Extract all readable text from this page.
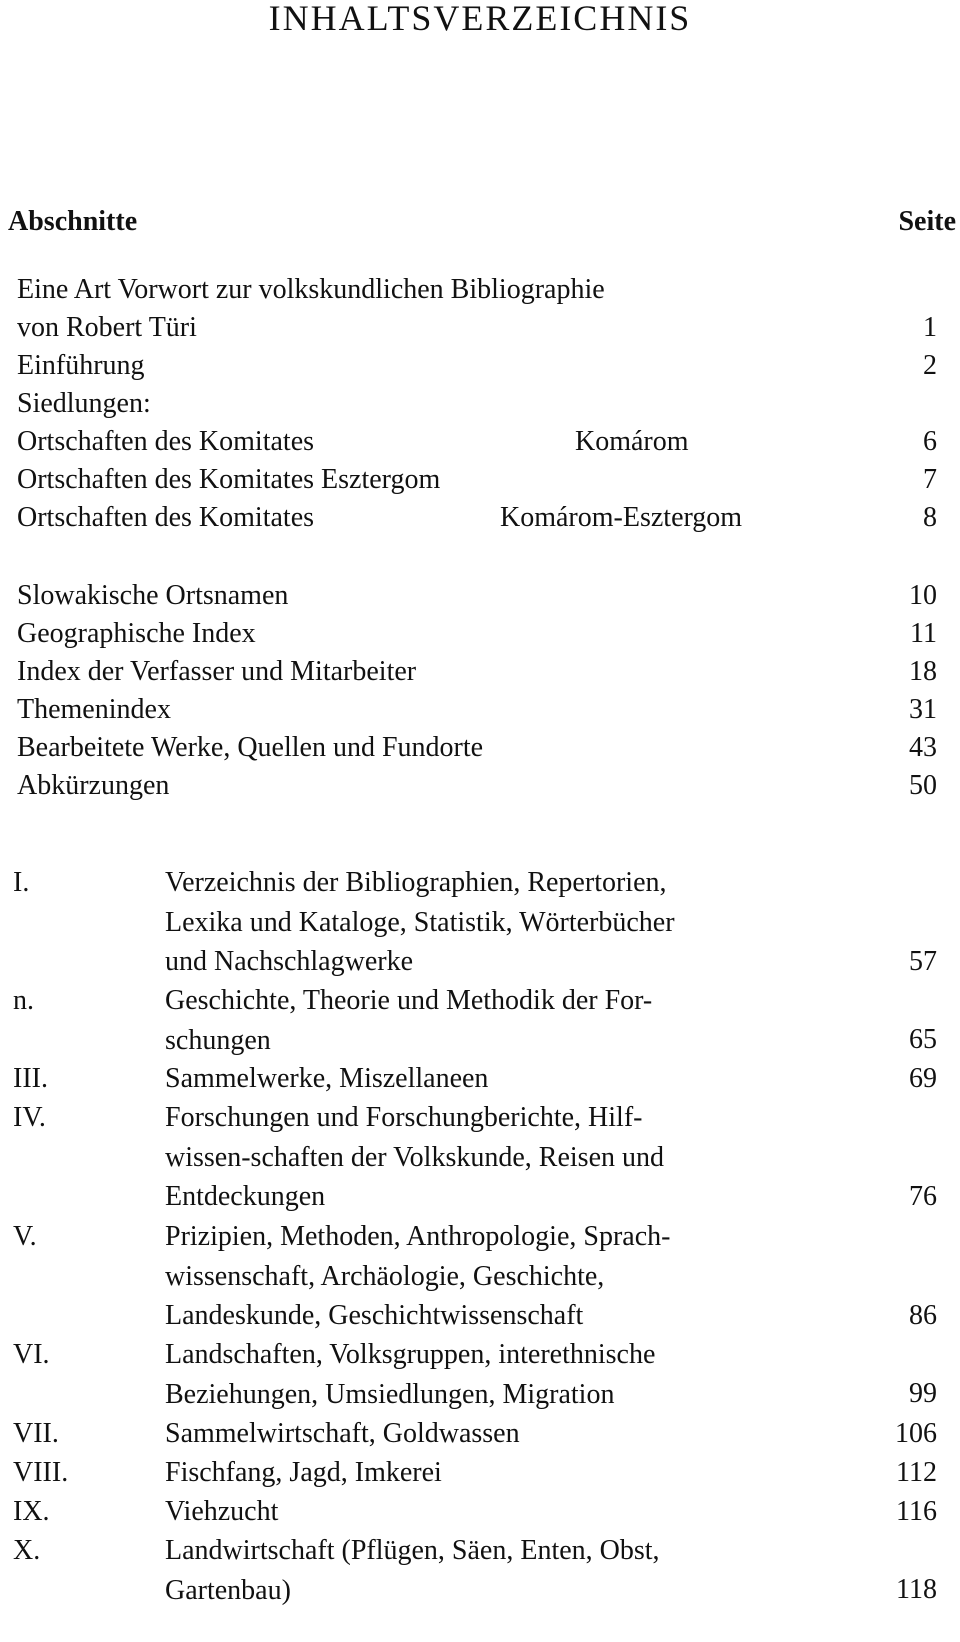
INHALTSVERZEICHNIS
Abschnitte	Seite
Eine Art Vorwort zur volkskundlichen Bibliographie
von Robert Türi	1
Einführung	2
Siedlungen:
Ortschaften des Komitates	Komárom	6
Ortschaften des Komitates Esztergom	7
Ortschaften des Komitates	Komárom-Esztergom	8
Slowakische Ortsnamen	10
Geographische Index	11
Index der Verfasser und Mitarbeiter	18
Themenindex	31
Bearbeitete Werke, Quellen und Fundorte	43
Abkürzungen	50
I.	Verzeichnis der Bibliographien, Repertorien,
Lexika und Kataloge, Statistik, Wörterbücher
und Nachschlagwerke	57
n.	Geschichte, Theorie und Methodik der For-
schungen	65
III.	Sammelwerke, Miszellaneen	69
IV.	Forschungen und Forschungberichte, Hilf-
wissen-schaften der Volkskunde, Reisen und
Entdeckungen	76
V.	Prizipien, Methoden, Anthropologie, Sprach-
wissenschaft, Archäologie, Geschichte,
Landeskunde, Geschichtwissenschaft	86
VI.	Landschaften, Volksgruppen, interethnische
Beziehungen, Umsiedlungen, Migration	99
VII.	Sammelwirtschaft, Goldwassen	106
VIII.	Fischfang, Jagd, Imkerei	112
IX.	Viehzucht	116
X.	Landwirtschaft (Pflügen, Säen, Enten, Obst,
Gartenbau)	118
